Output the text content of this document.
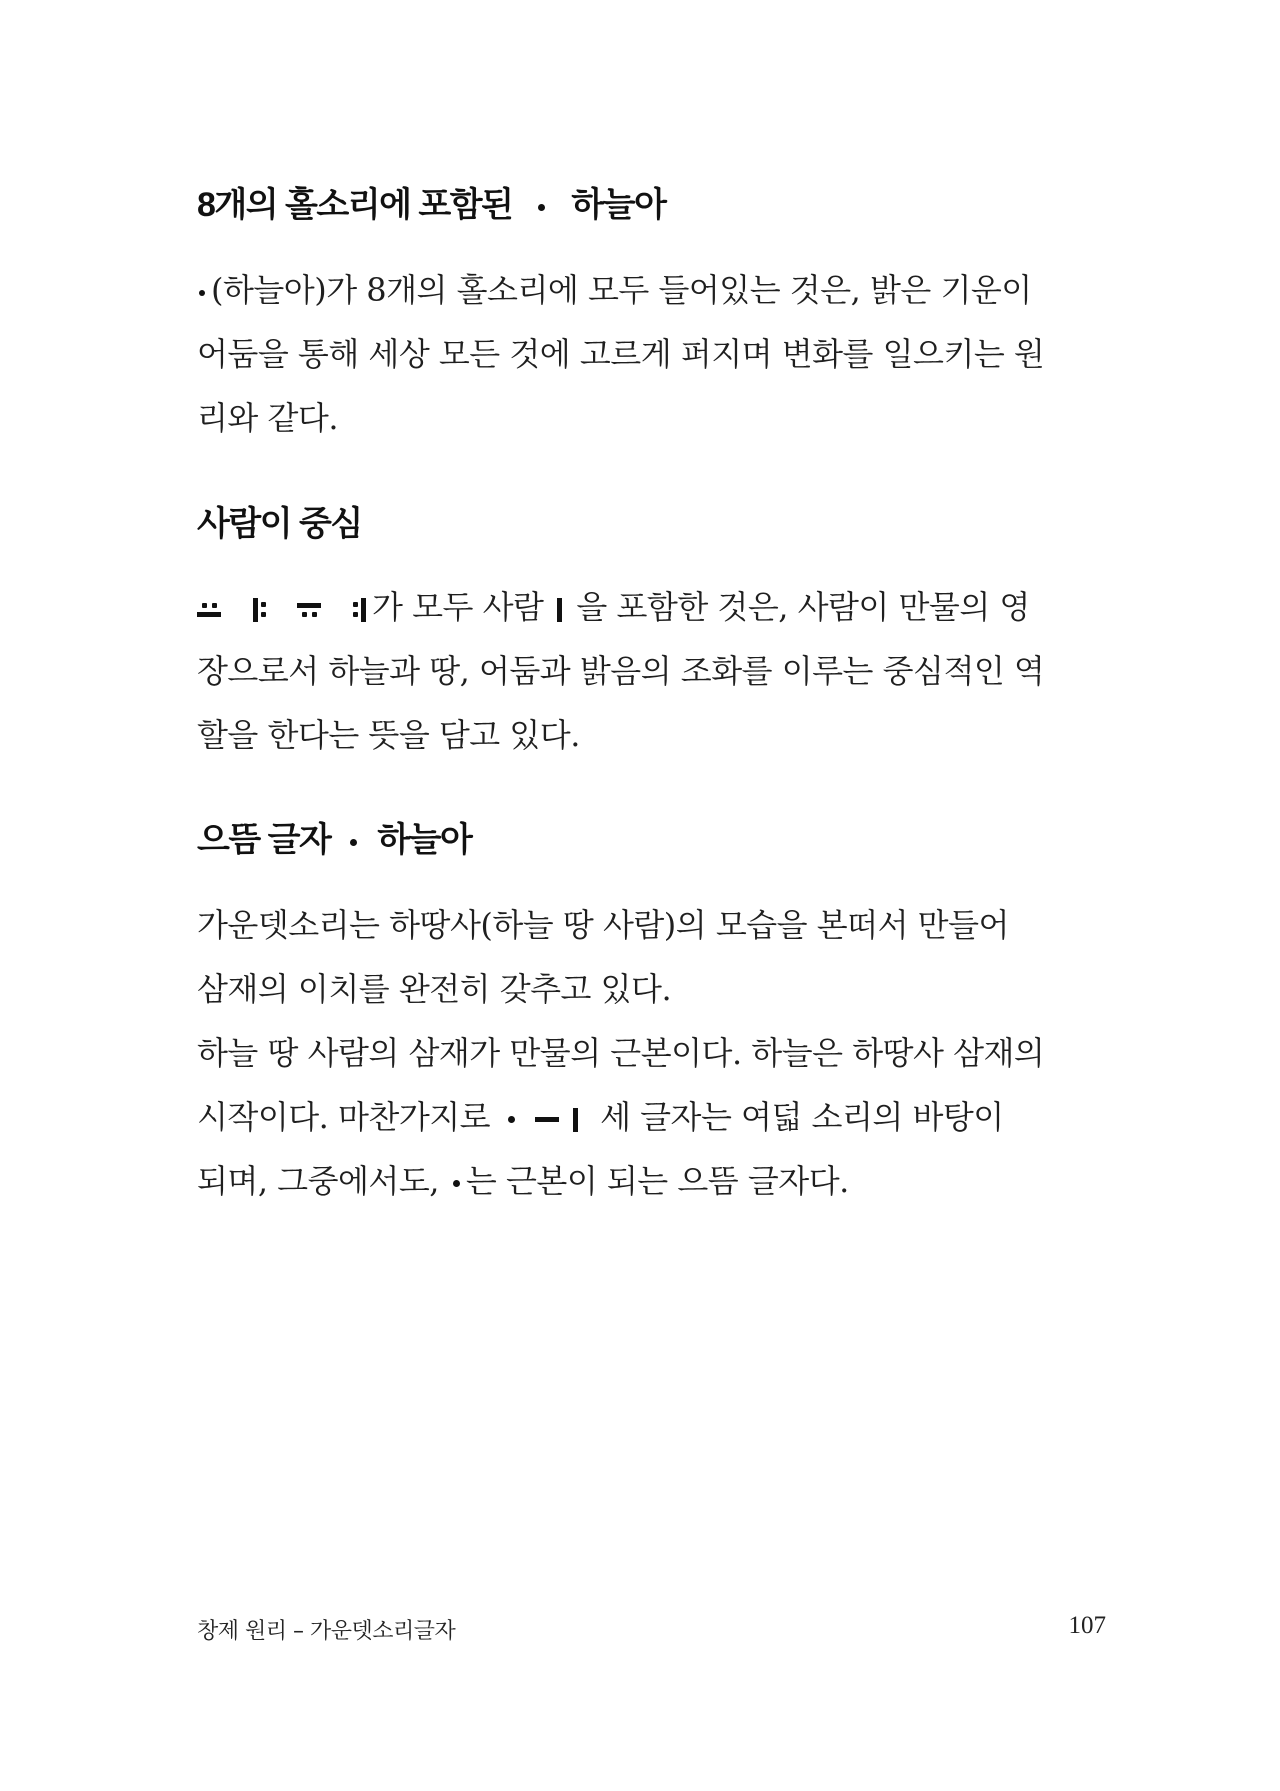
8개의 홀소리에 포함된 하늘아
(하늘아)가 8개의 홀소리에 모두 들어있는 것은, 밝은 기운이
어둠을 통해 세상 모든 것에 고르게 퍼지며 변화를 일으키는 원
리와 같다.
사람이 중심

가 모두 사람 을 포함한 것은, 사람이 만물의 영
장으로서 하늘과 땅, 어둠과 밝음의 조화를 이루는 중심적인 역
할을 한다는 뜻을 담고 있다.
으뜸 글자 하늘아
가운뎃소리는 하땅사(하늘 땅 사람)의 모습을 본떠서 만들어
삼재의 이치를 완전히 갖추고 있다.
하늘 땅 사람의 삼재가 만물의 근본이다. 하늘은 하땅사 삼재의
시작이다. 마찬가지로	세 글자는 여덟 소리의 바탕이
되며, 그중에서도, 는 근본이 되는 으뜸 글자다.
창제 원리 – 가운뎃소리글자	107
